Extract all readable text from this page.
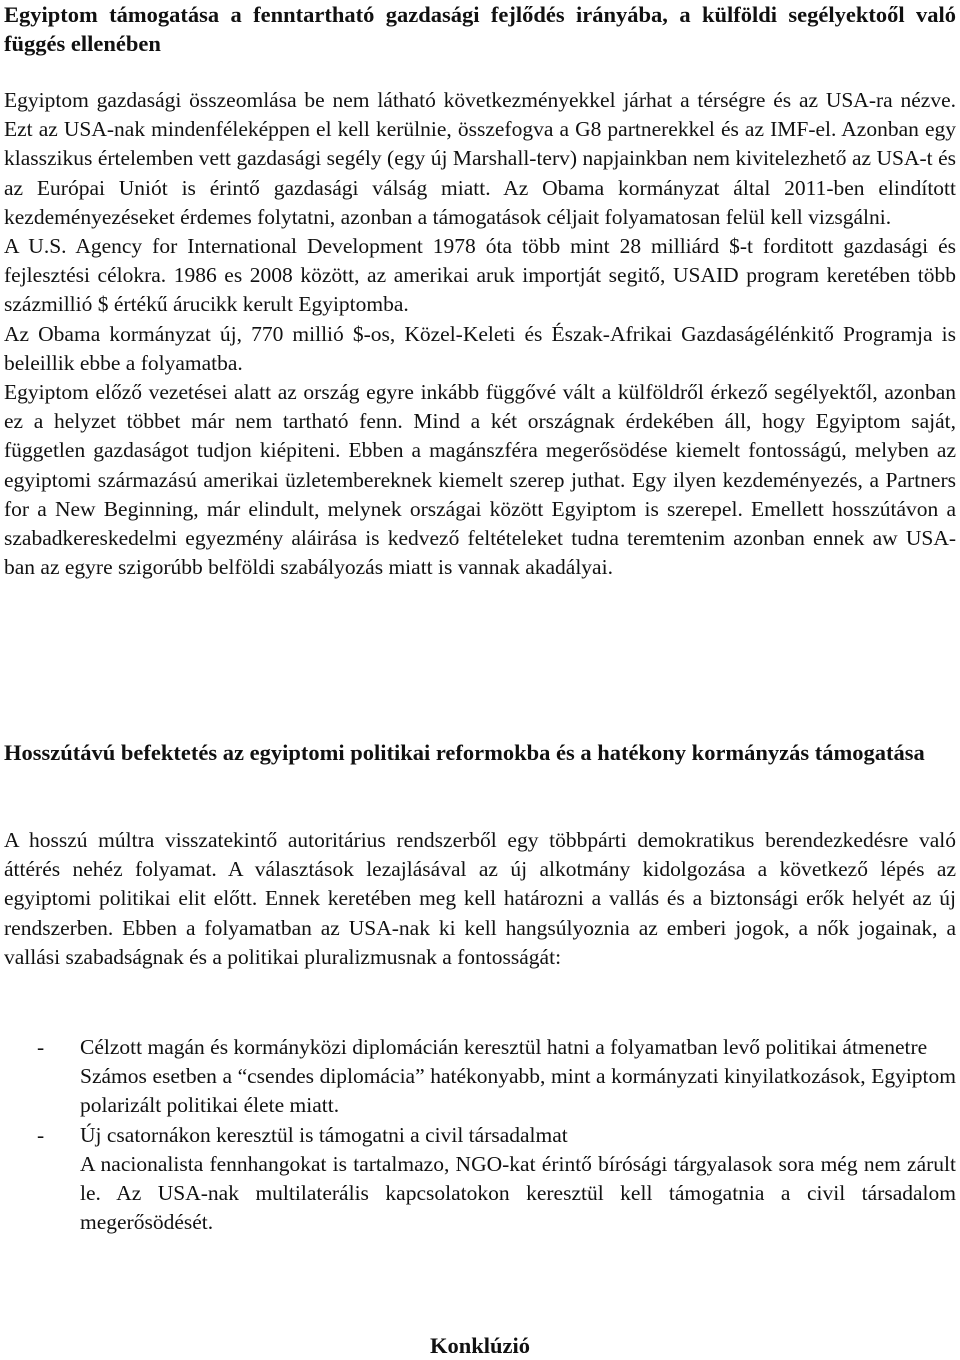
Egyiptom támogatása a fenntartható gazdasági fejlődés irányába, a külföldi segélyektoől való függés ellenében

Egyiptom gazdasági összeomlása be nem látható következményekkel járhat a térségre és az USA-ra nézve. Ezt az USA-nak mindenféleképpen el kell kerülnie, összefogva a G8 partnerekkel és az IMF-el. Azonban egy klasszikus értelemben vett gazdasági segély (egy új Marshall-terv) napjainkban nem kivitelezhető az USA-t és az Európai Uniót is érintő gazdasági válság miatt. Az Obama kormányzat által 2011-ben elindított kezdeményezéseket érdemes folytatni, azonban a támogatások céljait folyamatosan felül kell vizsgálni.

A U.S. Agency for International Development 1978 óta több mint 28 milliárd $-t forditott gazdasági és fejlesztési célokra. 1986 es 2008 között, az amerikai aruk importját segitő, USAID program keretében több százmillió $ értékű árucikk kerult Egyiptomba.

Az Obama kormányzat új, 770 millió $-os, Közel-Keleti és Észak-Afrikai Gazdaságélénkitő Programja is beleillik ebbe a folyamatba.

Egyiptom előző vezetései alatt az ország egyre inkább függővé vált a külföldről érkező segélyektől, azonban ez a helyzet többet már nem tartható fenn. Mind a két országnak érdekében áll, hogy Egyiptom saját, független gazdaságot tudjon kiépiteni. Ebben a magánszféra megerősödése kiemelt fontosságú, melyben az egyiptomi származású amerikai üzletembereknek kiemelt szerep juthat. Egy ilyen kezdeményezés, a Partners for a New Beginning, már elindult, melynek országai között Egyiptom is szerepel. Emellett hosszútávon a szabadkereskedelmi egyezmény aláirása is kedvező feltételeket tudna teremtenim azonban ennek aw USA-ban az egyre szigorúbb belföldi szabályozás miatt is vannak akadályai.

Hosszútávú befektetés az egyiptomi politikai reformokba és a hatékony kormányzás támogatása

A hosszú múltra visszatekintő autoritárius rendszerből egy többpárti demokratikus berendezkedésre való áttérés nehéz folyamat. A választások lezajlásával az új alkotmány kidolgozása a következő lépés az egyiptomi politikai elit előtt. Ennek keretében meg kell határozni a vallás és a biztonsági erők helyét az új rendszerben. Ebben a folyamatban az USA-nak ki kell hangsúlyoznia az emberi jogok, a nők jogainak, a vallási szabadságnak és a politikai pluralizmusnak a fontosságát:

- Célzott magán és kormányközi diplomácián keresztül hatni a folyamatban levő politikai átmenetre

Számos esetben a “csendes diplomácia” hatékonyabb, mint a kormányzati kinyilatkozások, Egyiptom polarizált politikai élete miatt.

- Új csatornákon keresztül is támogatni a civil társadalmat

A nacionalista fennhangokat is tartalmazo, NGO-kat érintő bírósági tárgyalasok sora még nem zárult le. Az USA-nak multilaterális kapcsolatokon keresztül kell támogatnia a civil társadalom megerősödését.

Konklúzió
